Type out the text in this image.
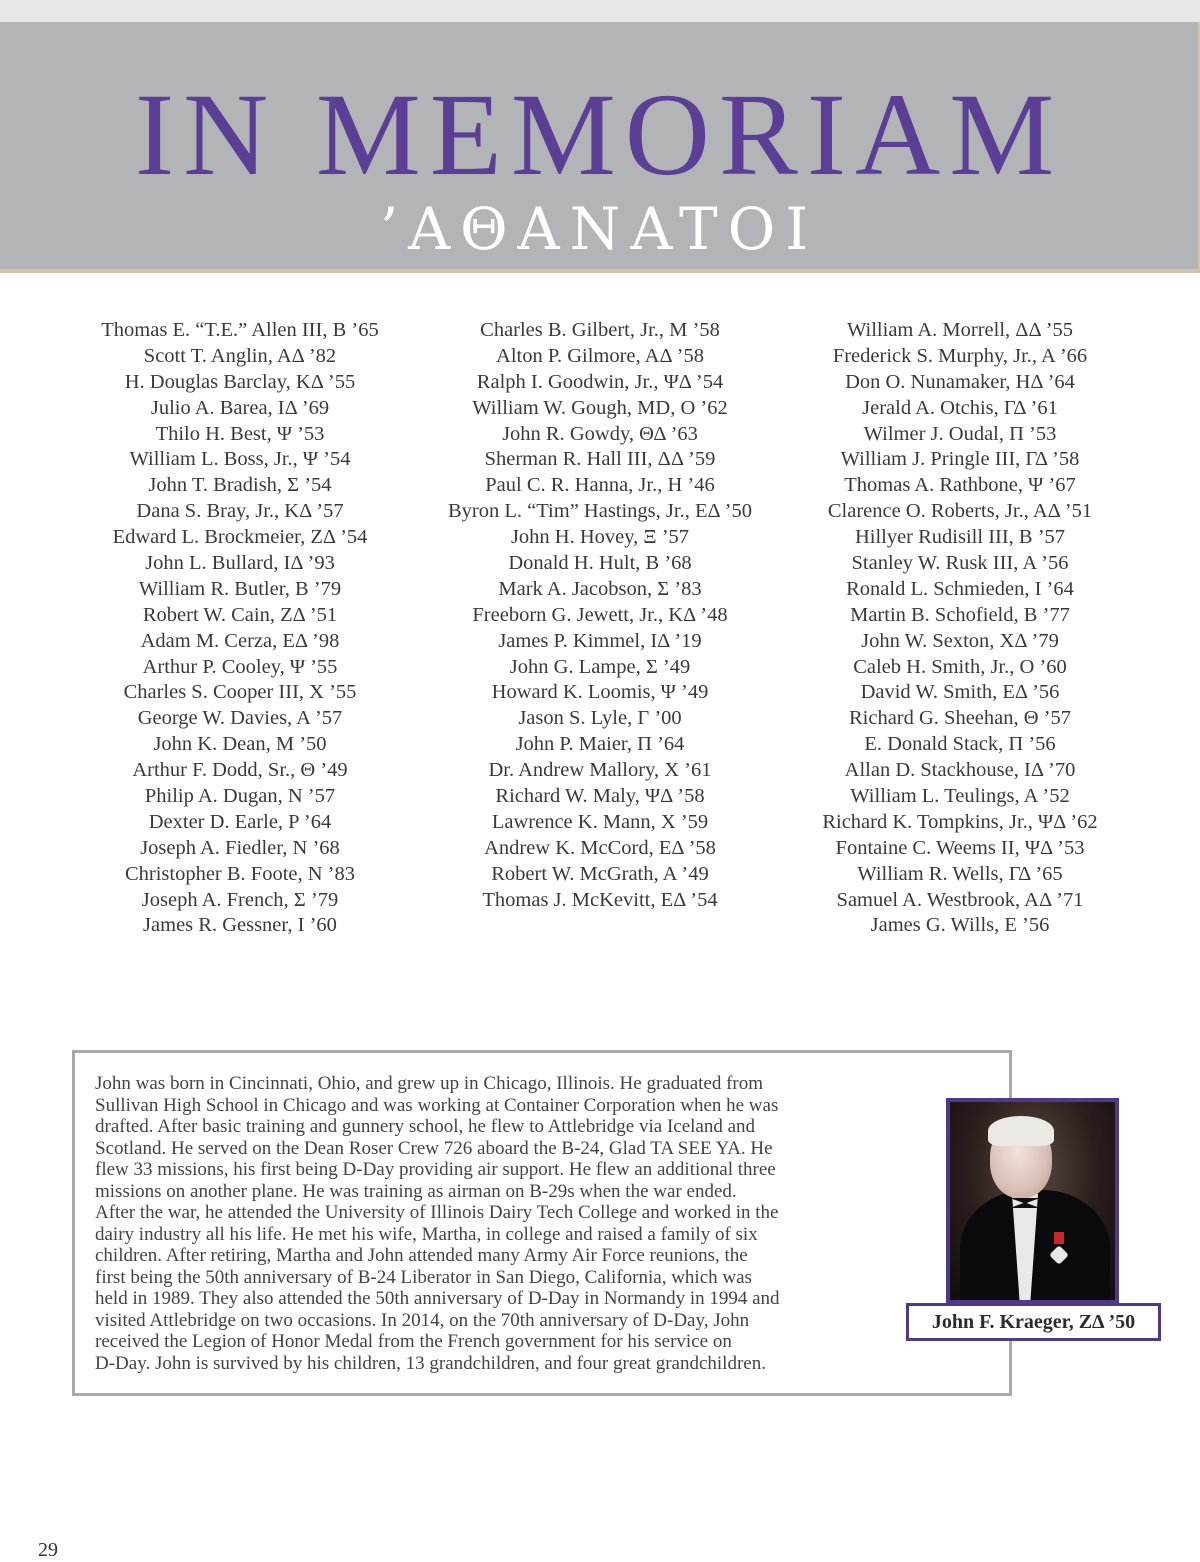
IN MEMORIAM
’AΘANATOI
Thomas E. “T.E.” Allen III, B ’65
Scott T. Anglin, AΔ ’82
H. Douglas Barclay, KΔ ’55
Julio A. Barea, IΔ ’69
Thilo H. Best, Ψ ’53
William L. Boss, Jr., Ψ ’54
John T. Bradish, Σ ’54
Dana S. Bray, Jr., KΔ ’57
Edward L. Brockmeier, ZΔ ’54
John L. Bullard, IΔ ’93
William R. Butler, B ’79
Robert W. Cain, ZΔ ’51
Adam M. Cerza, EΔ ’98
Arthur P. Cooley, Ψ ’55
Charles S. Cooper III, X ’55
George W. Davies, A ’57
John K. Dean, M ’50
Arthur F. Dodd, Sr., Θ ’49
Philip A. Dugan, N ’57
Dexter D. Earle, P ’64
Joseph A. Fiedler, N ’68
Christopher B. Foote, N ’83
Joseph A. French, Σ ’79
James R. Gessner, I ’60
Charles B. Gilbert, Jr., M ’58
Alton P. Gilmore, AΔ ’58
Ralph I. Goodwin, Jr., ΨΔ ’54
William W. Gough, MD, O ’62
John R. Gowdy, ΘΔ ’63
Sherman R. Hall III, ΔΔ ’59
Paul C. R. Hanna, Jr., H ’46
Byron L. “Tim” Hastings, Jr., EΔ ’50
John H. Hovey, Ξ ’57
Donald H. Hult, B ’68
Mark A. Jacobson, Σ ’83
Freeborn G. Jewett, Jr., KΔ ’48
James P. Kimmel, IΔ ’19
John G. Lampe, Σ ’49
Howard K. Loomis, Ψ ’49
Jason S. Lyle, Γ ’00
John P. Maier, Π ’64
Dr. Andrew Mallory, X ’61
Richard W. Maly, ΨΔ ’58
Lawrence K. Mann, X ’59
Andrew K. McCord, EΔ ’58
Robert W. McGrath, A ’49
Thomas J. McKevitt, EΔ ’54
William A. Morrell, ΔΔ ’55
Frederick S. Murphy, Jr., A ’66
Don O. Nunamaker, HΔ ’64
Jerald A. Otchis, ΓΔ ’61
Wilmer J. Oudal, Π ’53
William J. Pringle III, ΓΔ ’58
Thomas A. Rathbone, Ψ ’67
Clarence O. Roberts, Jr., AΔ ’51
Hillyer Rudisill III, B ’57
Stanley W. Rusk III, A ’56
Ronald L. Schmieden, I ’64
Martin B. Schofield, B ’77
John W. Sexton, XΔ ’79
Caleb H. Smith, Jr., O ’60
David W. Smith, EΔ ’56
Richard G. Sheehan, Θ ’57
E. Donald Stack, Π ’56
Allan D. Stackhouse, IΔ ’70
William L. Teulings, A ’52
Richard K. Tompkins, Jr., ΨΔ ’62
Fontaine C. Weems II, ΨΔ ’53
William R. Wells, ΓΔ ’65
Samuel A. Westbrook, AΔ ’71
James G. Wills, E ’56
John was born in Cincinnati, Ohio, and grew up in Chicago, Illinois. He graduated from
Sullivan High School in Chicago and was working at Container Corporation when he was
drafted. After basic training and gunnery school, he flew to Attlebridge via Iceland and
Scotland. He served on the Dean Roser Crew 726 aboard the B-24, Glad TA SEE YA. He
flew 33 missions, his first being D-Day providing air support. He flew an additional three
missions on another plane. He was training as airman on B-29s when the war ended.
After the war, he attended the University of Illinois Dairy Tech College and worked in the
dairy industry all his life. He met his wife, Martha, in college and raised a family of six
children. After retiring, Martha and John attended many Army Air Force reunions, the
first being the 50th anniversary of B-24 Liberator in San Diego, California, which was
held in 1989. They also attended the 50th anniversary of D-Day in Normandy in 1994 and
visited Attlebridge on two occasions. In 2014, on the 70th anniversary of D-Day, John
received the Legion of Honor Medal from the French government for his service on
D-Day. John is survived by his children, 13 grandchildren, and four great grandchildren.
John F. Kraeger, ZΔ ’50
29
